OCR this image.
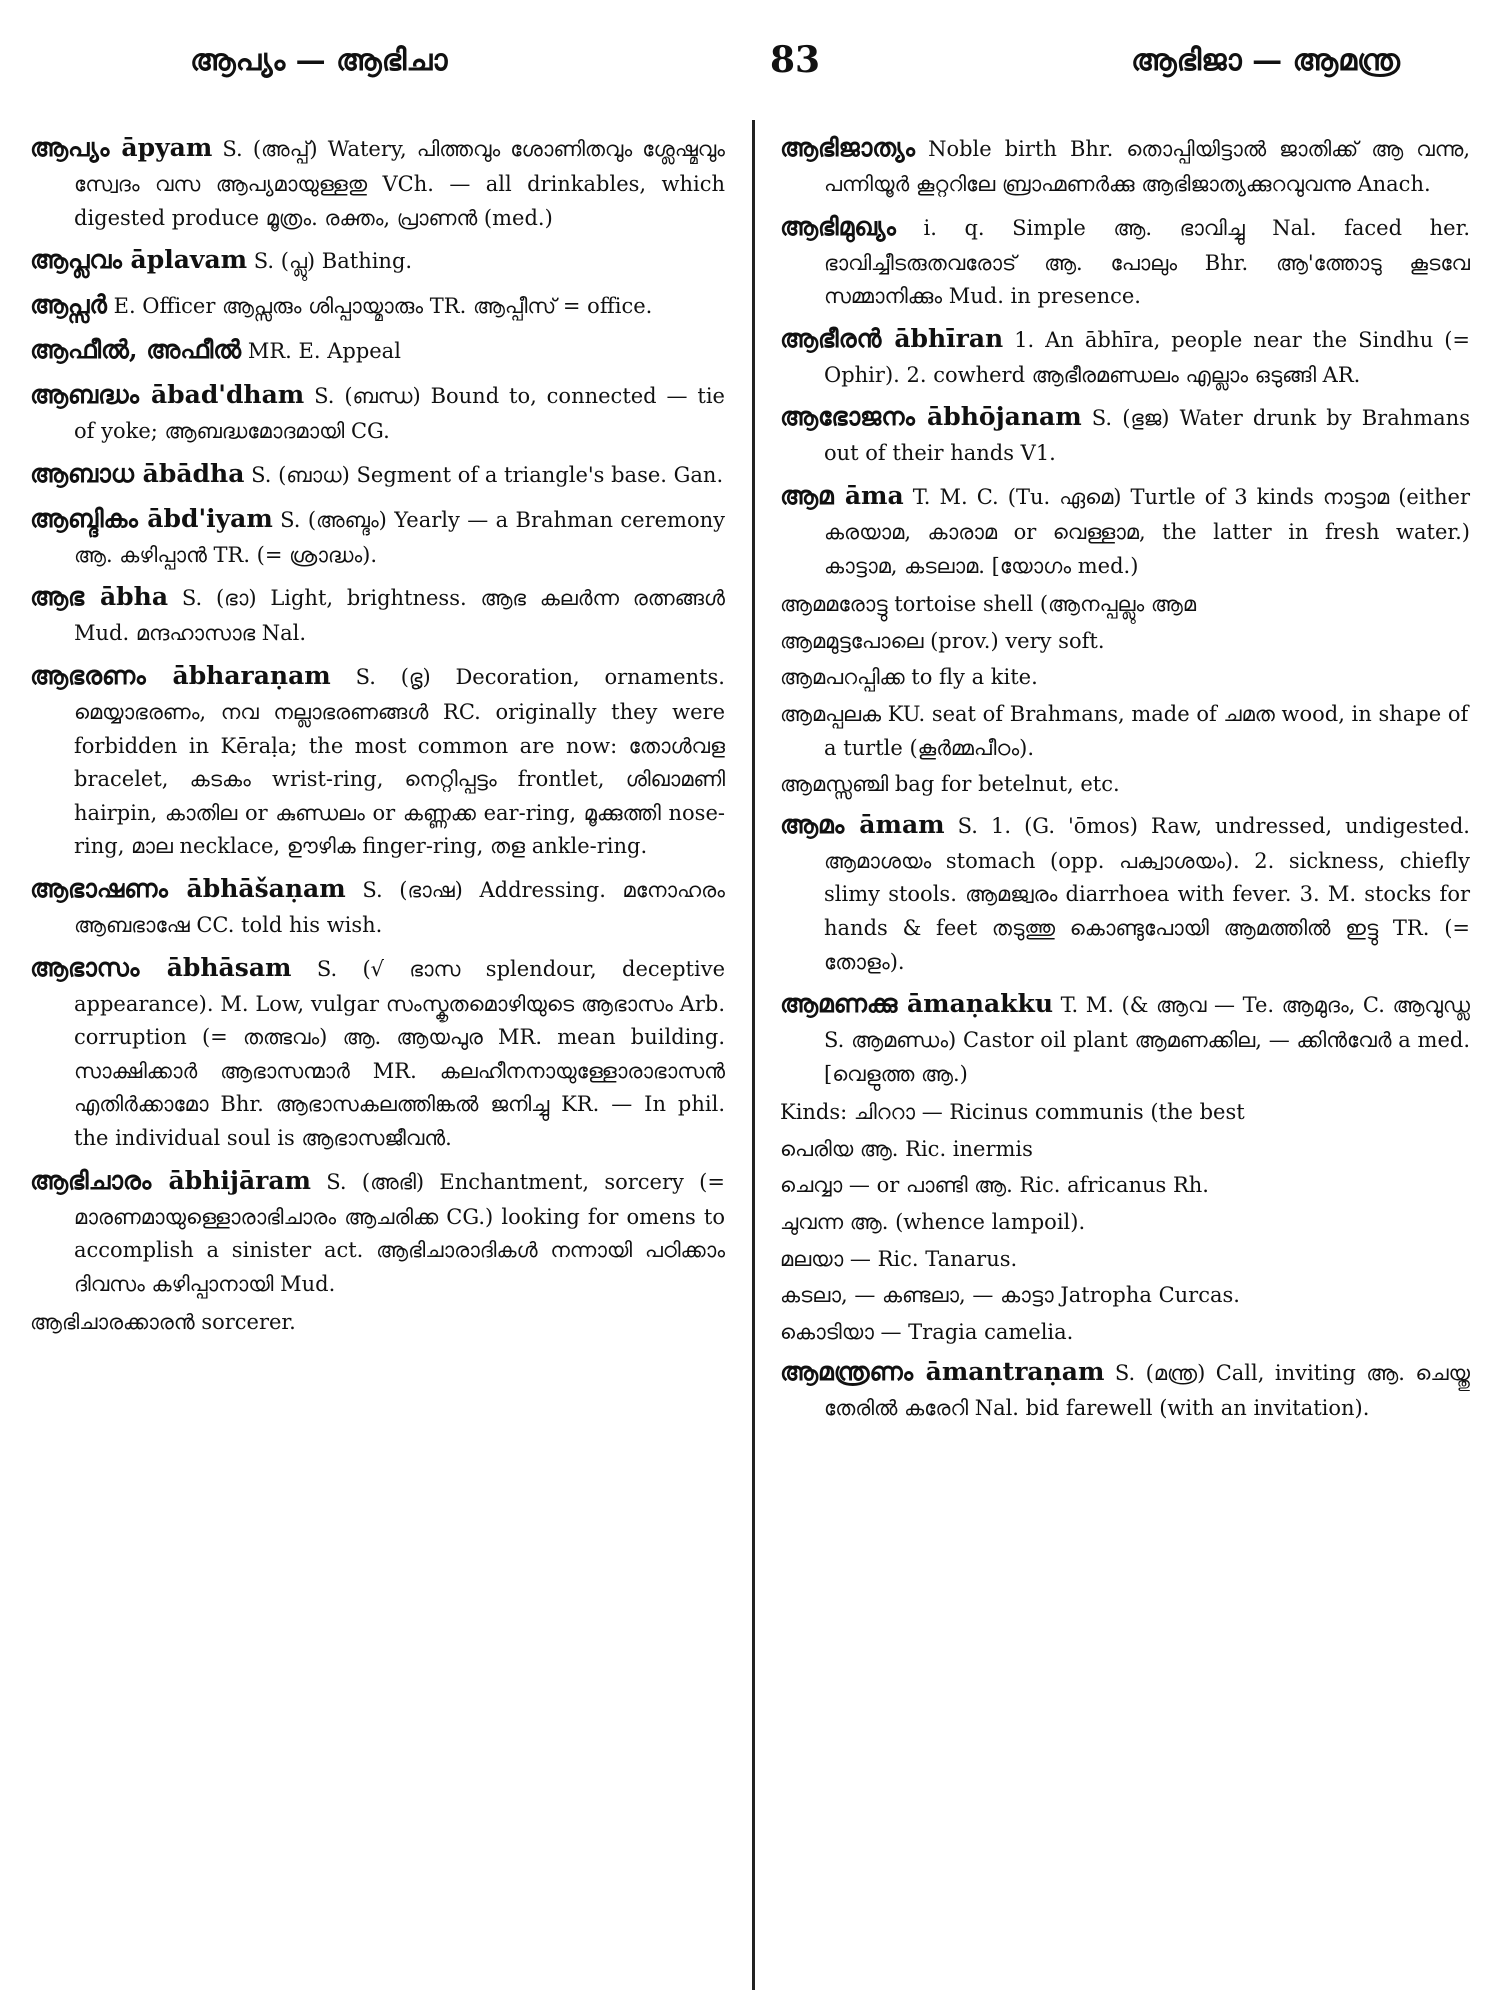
ആപ്യം — ആഭിചാ	83	ആഭിജാ — ആമന്ത്ര

ആപ്യം āpyam S. (അപ്പ്) Watery, പിത്തവും ശോണിതവും ശ്ലേഷ്മവും സ്വേദം വസ ആപ്യമായുള്ളതു VCh. — all drinkables, which digested produce മൂത്രം. രക്തം, പ്രാണൻ (med.)

ആപ്ലവം āplavam S. (പ്ലു) Bathing.

ആപ്സർ E. Officer ആപ്സരും ശിപ്പായ്മാരും TR. ആപ്പീസ് = office.

ആഫീൽ, അഫീൽ MR. E. Appeal

ആബദ്ധം ābad'dham S. (ബന്ധ) Bound to, connected — tie of yoke; ആബദ്ധമോദമായി CG.

ആബാധ ābādha S. (ബാധ) Segment of a triangle's base. Gan.

ആബ്ദികം ābd'iyam S. (അബ്ദം) Yearly — a Brahman ceremony ആ. കഴിപ്പാൻ TR. (= ശ്രാദ്ധം).

ആഭ ābha S. (ഭാ) Light, brightness. ആഭ കലർന്ന രത്നങ്ങൾ Mud. മന്ദഹാസാഭ Nal.

ആഭരണം ābharaṇam S. (ഭൃ) Decoration, ornaments. മെയ്യാഭരണം, നവ നല്ലാഭരണങ്ങൾ RC. originally they were forbidden in Kēraḷa; the most common are now: തോൾവള bracelet, കടകം wrist-ring, നെറ്റിപ്പട്ടം frontlet, ശിഖാമണി hairpin, കാതില or കുണ്ഡലം or കണ്ണക്ക ear-ring, മൂക്കുത്തി nose-ring, മാല necklace, ഊഴിക finger-ring, തള ankle-ring.

ആഭാഷണം ābhāšaṇam S. (ഭാഷ) Addressing. മനോഹരം ആബഭാഷേ CC. told his wish.

ആഭാസം ābhāsam S. (√ ഭാസ splendour, deceptive appearance). M. Low, vulgar സംസ്കൃതമൊഴിയുടെ ആഭാസം Arb. corruption (= തത്ഭവം) ആ. ആയപുര MR. mean building. സാക്ഷിക്കാർ ആഭാസന്മാർ MR. കലഹീനനായുള്ളോരാഭാസൻ എതിർക്കാമോ Bhr. ആഭാസകലത്തിങ്കൽ ജനിച്ചു KR. — In phil. the individual soul is ആഭാസജീവൻ.

ആഭിചാരം ābhijāram S. (അഭി) Enchantment, sorcery (= മാരണമായുള്ളൊരാഭിചാരം ആചരിക്ക CG.) looking for omens to accomplish a sinister act. ആഭിചാരാദികൾ നന്നായി പഠിക്കാം ദിവസം കഴിപ്പാനായി Mud.

ആഭിചാരക്കാരൻ sorcerer.

ആഭിജാത്യം Noble birth Bhr. തൊപ്പിയിട്ടാൽ ജാതിക്ക് ആ വന്നു, പന്നിയൂർ കൂറ്ററിലേ ബ്രാഹ്മണർക്കു ആഭിജാത്യക്കുറവുവന്നു Anach.

ആഭിമുഖ്യം i. q. Simple ആ. ഭാവിച്ചു Nal. faced her. ഭാവിച്ചീടരുതവരോട് ആ. പോലും Bhr. ആ'ത്തോടു കൂടവേ സമ്മാനിക്കും Mud. in presence.

ആഭീരൻ ābhīran 1. An ābhīra, people near the Sindhu (= Ophir). 2. cowherd ആഭീരമണ്ഡലം എല്ലാം ഒടുങ്ങി AR.

ആഭോജനം ābhōjanam S. (ഭുജ) Water drunk by Brahmans out of their hands V1.

ആമ āma T. M. C. (Tu. ഏമെ) Turtle of 3 kinds നാട്ടാമ (either കരയാമ, കാരാമ or വെള്ളാമ, the latter in fresh water.) കാട്ടാമ, കടലാമ. [യോഗം med.)

ആമമരോട്ടു tortoise shell (ആനപ്പല്ലും ആമ

ആമമുട്ടപോലെ (prov.) very soft.

ആമപറപ്പിക്ക to fly a kite.

ആമപ്പലക KU. seat of Brahmans, made of ചമത wood, in shape of a turtle (കൂർമ്മപീഠം).

ആമസ്സഞ്ചി bag for betelnut, etc.

ആമം āmam S. 1. (G. 'ōmos) Raw, undressed, undigested. ആമാശയം stomach (opp. പക്വാശയം). 2. sickness, chiefly slimy stools. ആമജ്വരം diarrhoea with fever. 3. M. stocks for hands & feet തടുത്തു കൊണ്ടുപോയി ആമത്തിൽ ഇട്ടു TR. (= തോളം).

ആമണക്കു āmaṇakku T. M. (& ആവ — Te. ആമുദം, C. ആവുഡ്ല S. ആമണ്ഡം) Castor oil plant ആമണക്കില, — ക്കിൻവേർ a med. [വെളുത്ത ആ.)

Kinds: ചിററാ — Ricinus communis (the best

പെരിയ ആ. Ric. inermis

ചെവ്വാ — or പാണ്ടി ആ. Ric. africanus Rh.

ചുവന്ന ആ. (whence lampoil).

മലയാ — Ric. Tanarus.

കടലാ, — കണ്ടലാ, — കാട്ടാ Jatropha Curcas.

കൊടിയാ — Tragia camelia.

ആമന്ത്രണം āmantraṇam S. (മന്ത്ര) Call, inviting ആ. ചെയ്തു തേരിൽ കരേറി Nal. bid farewell (with an invitation).
